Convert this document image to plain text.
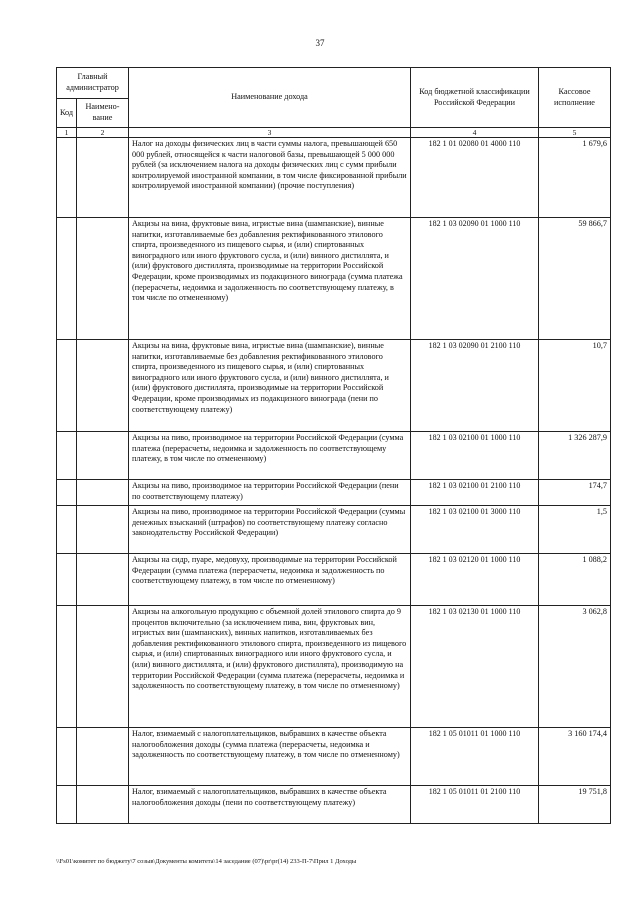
37
Главный администратор		Наименование дохода	Код бюджетной классификации Российской Федерации	Кассовое исполнение
Код	Наимено-вание			
1	2	3	4	5
		Налог на доходы физических лиц в части суммы налога, превышающей 650 000 рублей, относящейся к части налоговой базы, превышающей 5 000 000 рублей (за исключением налога на доходы физических лиц с сумм прибыли контролируемой иностранной компании, в том числе фиксированной прибыли контролируемой иностранной компании) (прочие поступления)	182 1 01 02080 01 4000 110	1 679,6
		Акцизы на вина, фруктовые вина, игристые вина (шампанские), винные напитки, изготавливаемые без добавления ректификованного этилового спирта, произведенного из пищевого сырья, и (или) спиртованных виноградного или иного фруктового сусла, и (или) винного дистиллята, и (или) фруктового дистиллята, производимые на территории Российской Федерации, кроме производимых из подакцизного винограда (сумма платежа (перерасчеты, недоимка и задолженность по соответствующему платежу, в том числе по отмененному)	182 1 03 02090 01 1000 110	59 866,7
		Акцизы на вина, фруктовые вина, игристые вина (шампанские), винные напитки, изготавливаемые без добавления ректификованного этилового спирта, произведенного из пищевого сырья, и (или) спиртованных виноградного или иного фруктового сусла, и (или) винного дистиллята, и (или) фруктового дистиллята, производимые на территории Российской Федерации, кроме производимых из подакцизного винограда (пени по соответствующему платежу)	182 1 03 02090 01 2100 110	10,7
		Акцизы на пиво, производимое на территории Российской Федерации (сумма платежа (перерасчеты, недоимка и задолженность по соответствующему платежу, в том числе по отмененному)	182 1 03 02100 01 1000 110	1 326 287,9
		Акцизы на пиво, производимое на территории Российской Федерации (пени по соответствующему платежу)	182 1 03 02100 01 2100 110	174,7
		Акцизы на пиво, производимое на территории Российской Федерации (суммы денежных взысканий (штрафов) по соответствующему платежу согласно законодательству Российской Федерации)	182 1 03 02100 01 3000 110	1,5
		Акцизы на сидр, пуаре, медовуху, производимые на территории Российской Федерации (сумма платежа (перерасчеты, недоимка и задолженность по соответствующему платежу, в том числе по отмененному)	182 1 03 02120 01 1000 110	1 088,2
		Акцизы на алкогольную продукцию с объемной долей этилового спирта до 9 процентов включительно (за исключением пива, вин, фруктовых вин, игристых вин (шампанских), винных напитков, изготавливаемых без добавления ректификованного этилового спирта, произведенного из пищевого сырья, и (или) спиртованных виноградного или иного фруктового сусла, и (или) винного дистиллята, и (или) фруктового дистиллята), производимую на территории Российской Федерации (сумма платежа (перерасчеты, недоимка и задолженность по соответствующему платежу, в том числе по отмененному)	182 1 03 02130 01 1000 110	3 062,8
		Налог, взимаемый с налогоплательщиков, выбравших в качестве объекта налогообложения доходы (сумма платежа (перерасчеты, недоимка и задолженность по соответствующему платежу, в том числе по отмененному)	182 1 05 01011 01 1000 110	3 160 174,4
		Налог, взимаемый с налогоплательщиков, выбравших в качестве объекта налогообложения доходы (пени по соответствующему платежу)	182 1 05 01011 01 2100 110	19 751,8
\\Fs01\комитет по бюджету\7 созыв\Документы комитета\14 заседание (07)\pr\pr(14) 233-П-7\Прил 1 Доходы
